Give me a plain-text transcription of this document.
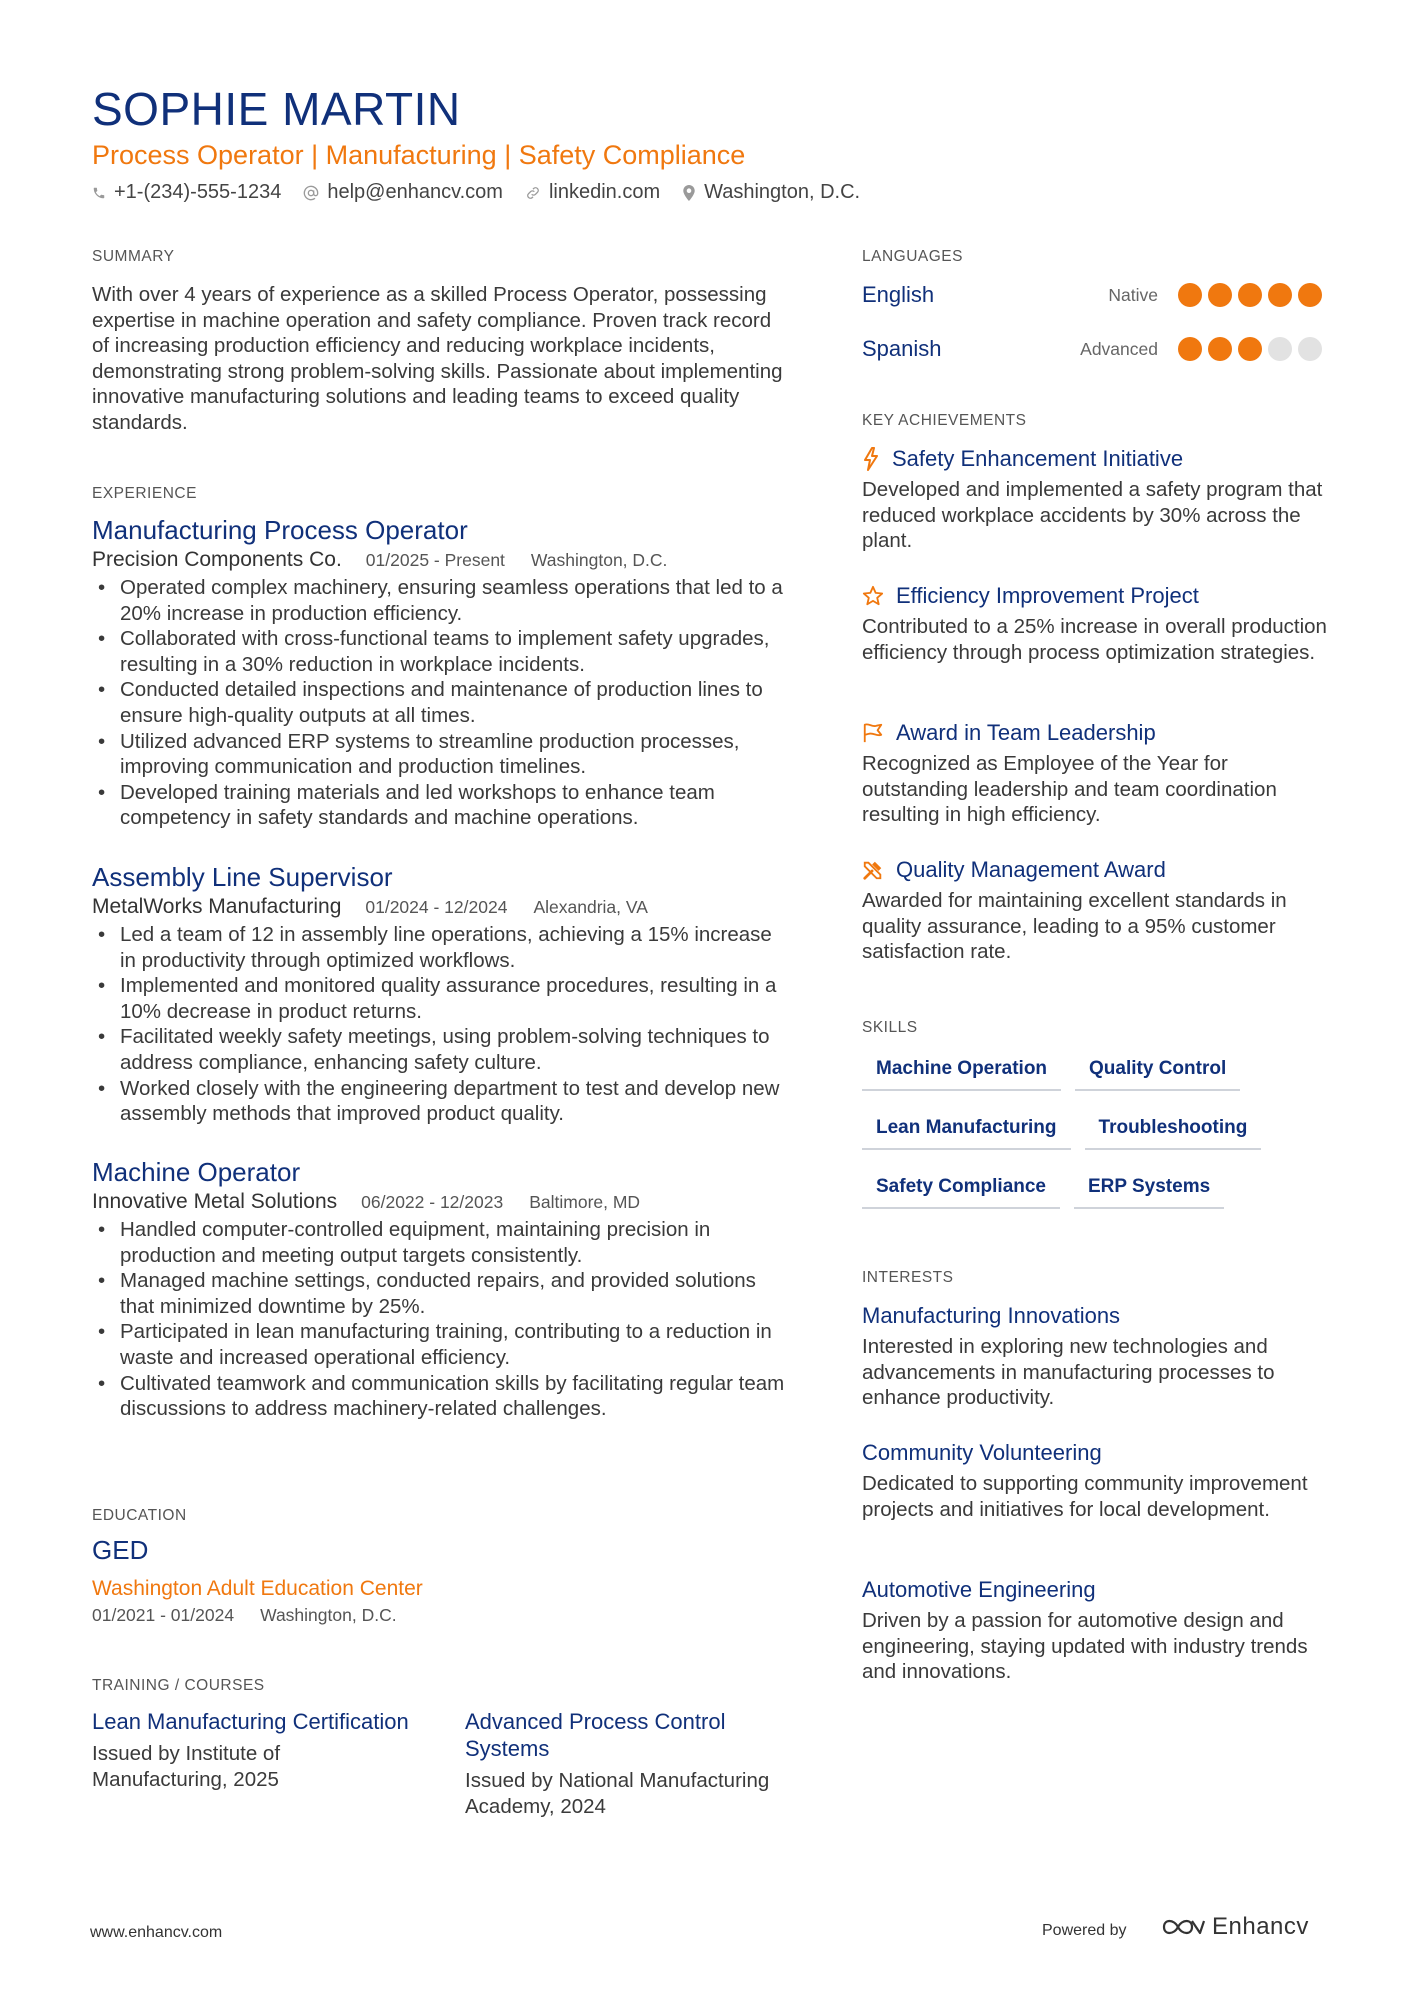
SOPHIE MARTIN
Process Operator | Manufacturing | Safety Compliance
+1-(234)-555-1234 help@enhancv.com linkedin.com Washington, D.C.
SUMMARY
With over 4 years of experience as a skilled Process Operator, possessing expertise in machine operation and safety compliance. Proven track record of increasing production efficiency and reducing workplace incidents, demonstrating strong problem-solving skills. Passionate about implementing innovative manufacturing solutions and leading teams to exceed quality standards.
EXPERIENCE
Manufacturing Process Operator
Precision Components Co. 01/2025 - Present Washington, D.C.
• Operated complex machinery, ensuring seamless operations that led to a 20% increase in production efficiency.
• Collaborated with cross-functional teams to implement safety upgrades, resulting in a 30% reduction in workplace incidents.
• Conducted detailed inspections and maintenance of production lines to ensure high-quality outputs at all times.
• Utilized advanced ERP systems to streamline production processes, improving communication and production timelines.
• Developed training materials and led workshops to enhance team competency in safety standards and machine operations.
Assembly Line Supervisor
MetalWorks Manufacturing 01/2024 - 12/2024 Alexandria, VA
• Led a team of 12 in assembly line operations, achieving a 15% increase in productivity through optimized workflows.
• Implemented and monitored quality assurance procedures, resulting in a 10% decrease in product returns.
• Facilitated weekly safety meetings, using problem-solving techniques to address compliance, enhancing safety culture.
• Worked closely with the engineering department to test and develop new assembly methods that improved product quality.
Machine Operator
Innovative Metal Solutions 06/2022 - 12/2023 Baltimore, MD
• Handled computer-controlled equipment, maintaining precision in production and meeting output targets consistently.
• Managed machine settings, conducted repairs, and provided solutions that minimized downtime by 25%.
• Participated in lean manufacturing training, contributing to a reduction in waste and increased operational efficiency.
• Cultivated teamwork and communication skills by facilitating regular team discussions to address machinery-related challenges.
EDUCATION
GED
Washington Adult Education Center
01/2021 - 01/2024 Washington, D.C.
TRAINING / COURSES
Lean Manufacturing Certification
Issued by Institute of Manufacturing, 2025
Advanced Process Control Systems
Issued by National Manufacturing Academy, 2024
LANGUAGES
English	Native
Spanish	Advanced
KEY ACHIEVEMENTS
Safety Enhancement Initiative
Developed and implemented a safety program that reduced workplace accidents by 30% across the plant.
Efficiency Improvement Project
Contributed to a 25% increase in overall production efficiency through process optimization strategies.
Award in Team Leadership
Recognized as Employee of the Year for outstanding leadership and team coordination resulting in high efficiency.
Quality Management Award
Awarded for maintaining excellent standards in quality assurance, leading to a 95% customer satisfaction rate.
SKILLS
Machine Operation	Quality Control
Lean Manufacturing	Troubleshooting
Safety Compliance	ERP Systems
INTERESTS
Manufacturing Innovations
Interested in exploring new technologies and advancements in manufacturing processes to enhance productivity.
Community Volunteering
Dedicated to supporting community improvement projects and initiatives for local development.
Automotive Engineering
Driven by a passion for automotive design and engineering, staying updated with industry trends and innovations.
www.enhancv.com	Powered by	Enhancv
